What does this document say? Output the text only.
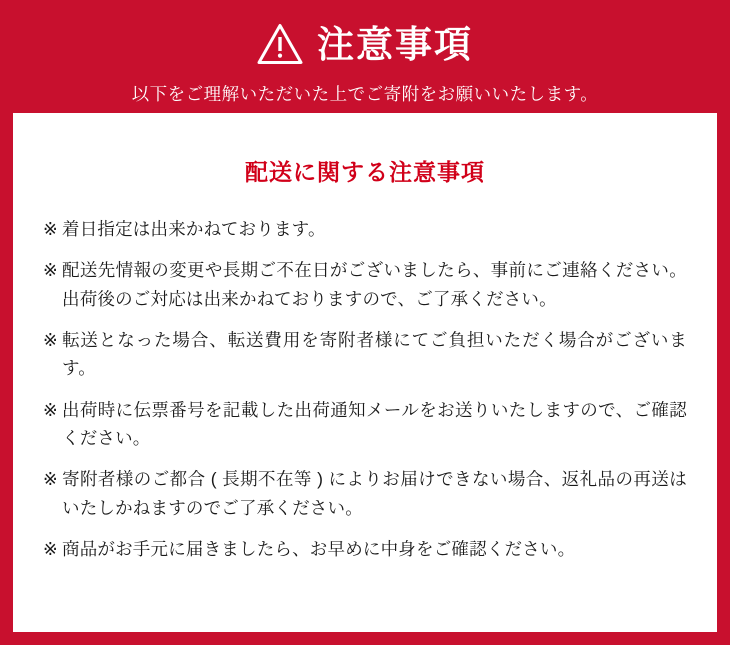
注意事項
以下をご理解いただいた上でご寄附をお願いいたします。
配送に関する注意事項
※ 着日指定は出来かねております。
※ 配送先情報の変更や長期ご不在日がございましたら、事前にご連絡ください。出荷後のご対応は出来かねておりますので、ご了承ください。
※ 転送となった場合、転送費用を寄附者様にてご負担いただく場合がございます。
※ 出荷時に伝票番号を記載した出荷通知メールをお送りいたしますので、ご確認ください。
※ 寄附者様のご都合 ( 長期不在等 ) によりお届けできない場合、返礼品の再送はいたしかねますのでご了承ください。
※ 商品がお手元に届きましたら、お早めに中身をご確認ください。
